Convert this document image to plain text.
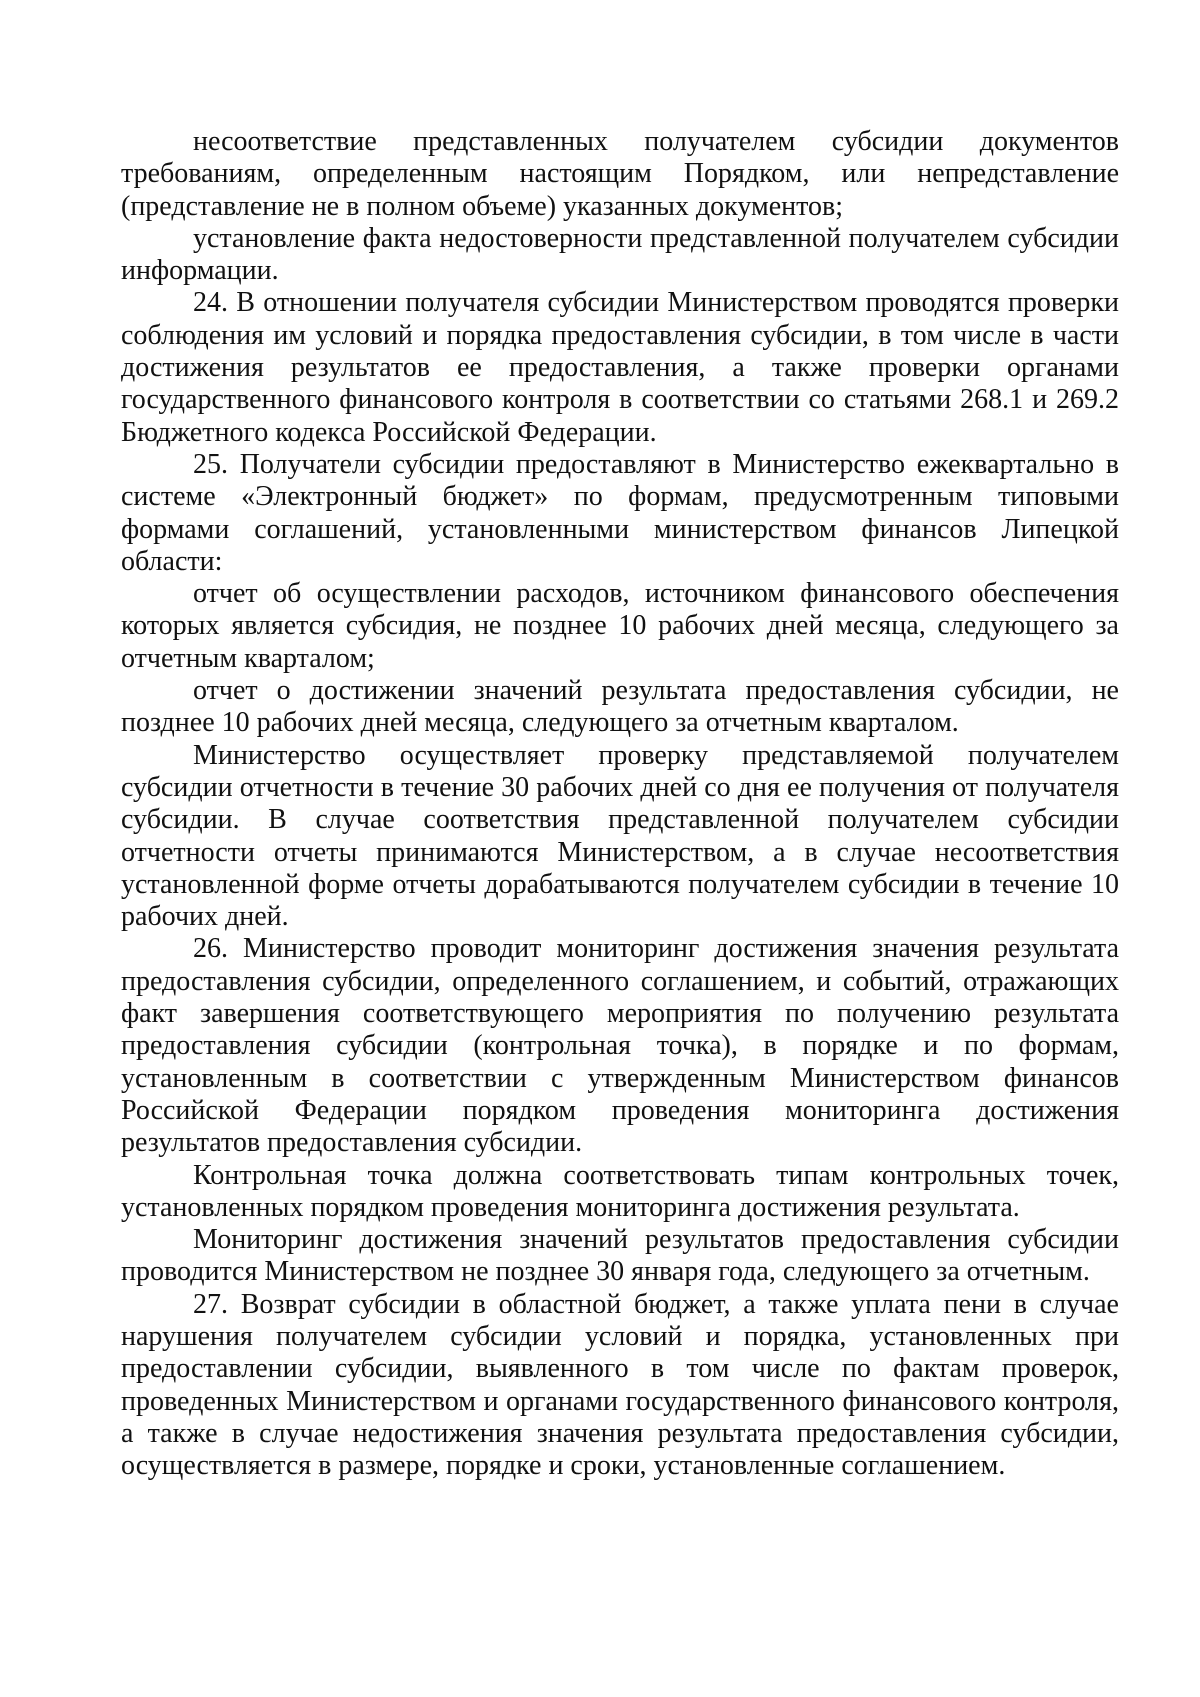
несоответствие представленных получателем субсидии документов требованиям, определенным настоящим Порядком, или непредставление (представление не в полном объеме) указанных документов;

установление факта недостоверности представленной получателем субсидии информации.

24. В отношении получателя субсидии Министерством проводятся проверки соблюдения им условий и порядка предоставления субсидии, в том числе в части достижения результатов ее предоставления, а также проверки органами государственного финансового контроля в соответствии со статьями 268.1 и 269.2 Бюджетного кодекса Российской Федерации.

25. Получатели субсидии предоставляют в Министерство ежеквартально в системе «Электронный бюджет» по формам, предусмотренным типовыми формами соглашений, установленными министерством финансов Липецкой области:

отчет об осуществлении расходов, источником финансового обеспечения которых является субсидия, не позднее 10 рабочих дней месяца, следующего за отчетным кварталом;

отчет о достижении значений результата предоставления субсидии, не позднее 10 рабочих дней месяца, следующего за отчетным кварталом.

Министерство осуществляет проверку представляемой получателем субсидии отчетности в течение 30 рабочих дней со дня ее получения от получателя субсидии. В случае соответствия представленной получателем субсидии отчетности отчеты принимаются Министерством, а в случае несоответствия установленной форме отчеты дорабатываются получателем субсидии в течение 10 рабочих дней.

26. Министерство проводит мониторинг достижения значения результата предоставления субсидии, определенного соглашением, и событий, отражающих факт завершения соответствующего мероприятия по получению результата предоставления субсидии (контрольная точка), в порядке и по формам, установленным в соответствии с утвержденным Министерством финансов Российской Федерации порядком проведения мониторинга достижения результатов предоставления субсидии.

Контрольная точка должна соответствовать типам контрольных точек, установленных порядком проведения мониторинга достижения результата.

Мониторинг достижения значений результатов предоставления субсидии проводится Министерством не позднее 30 января года, следующего за отчетным.

27. Возврат субсидии в областной бюджет, а также уплата пени в случае нарушения получателем субсидии условий и порядка, установленных при предоставлении субсидии, выявленного в том числе по фактам проверок, проведенных Министерством и органами государственного финансового контроля, а также в случае недостижения значения результата предоставления субсидии, осуществляется в размере, порядке и сроки, установленные соглашением.
